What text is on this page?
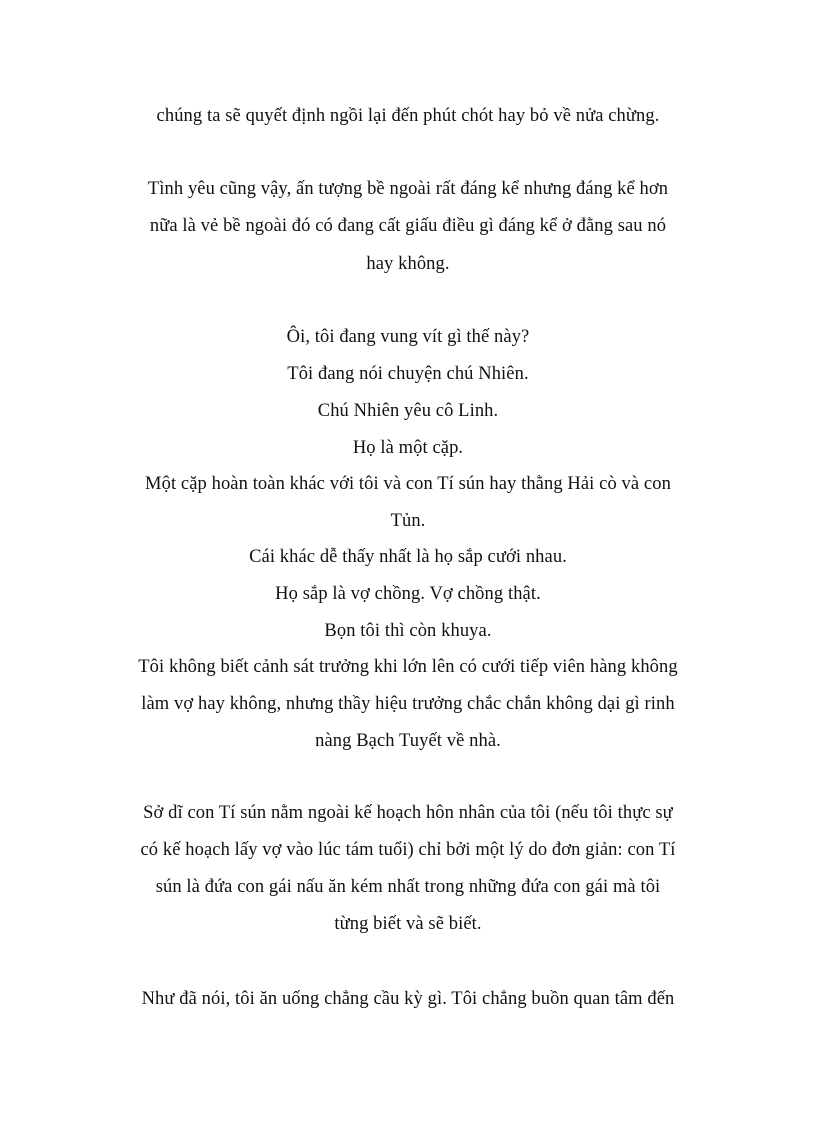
chúng ta sẽ quyết định ngồi lại đến phút chót hay bỏ về nửa chừng.
Tình yêu cũng vậy, ấn tượng bề ngoài rất đáng kể nhưng đáng kể hơn
nữa là vẻ bề ngoài đó có đang cất giấu điều gì đáng kể ở đằng sau nó
hay không.
Ôi, tôi đang vung vít gì thế này?
Tôi đang nói chuyện chú Nhiên.
Chú Nhiên yêu cô Linh.
Họ là một cặp.
Một cặp hoàn toàn khác với tôi và con Tí sún hay thằng Hải cò và con
Tủn.
Cái khác dễ thấy nhất là họ sắp cưới nhau.
Họ sắp là vợ chồng. Vợ chồng thật.
Bọn tôi thì còn khuya.
Tôi không biết cảnh sát trưởng khi lớn lên có cưới tiếp viên hàng không
làm vợ hay không, nhưng thầy hiệu trưởng chắc chắn không dại gì rinh
nàng Bạch Tuyết về nhà.
Sở dĩ con Tí sún nằm ngoài kế hoạch hôn nhân của tôi (nếu tôi thực sự
có kế hoạch lấy vợ vào lúc tám tuổi) chỉ bởi một lý do đơn giản: con Tí
sún là đứa con gái nấu ăn kém nhất trong những đứa con gái mà tôi
từng biết và sẽ biết.
Như đã nói, tôi ăn uống chẳng cầu kỳ gì. Tôi chẳng buồn quan tâm đến
